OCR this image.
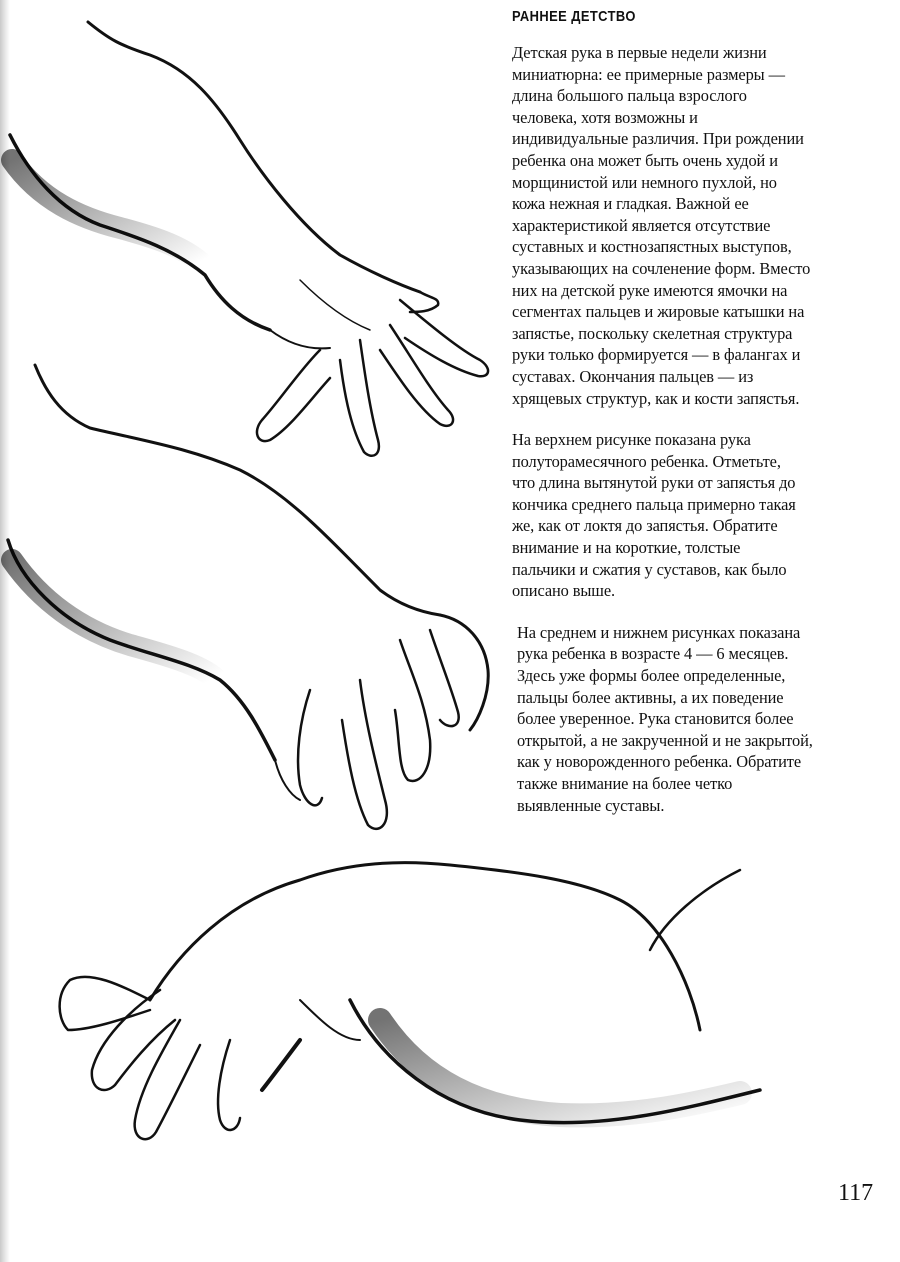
РАННЕЕ ДЕТСТВО

Детская рука в первые недели жизни
миниатюрна: ее примерные размеры —
длина большого пальца взрослого
человека, хотя возможны и
индивидуальные различия. При рождении
ребенка она может быть очень худой и
морщинистой или немного пухлой, но
кожа нежная и гладкая. Важной ее
характеристикой является отсутствие
суставных и костнозапястных выступов,
указывающих на сочленение форм. Вместо
них на детской руке имеются ямочки на
сегментах пальцев и жировые катышки на
запястье, поскольку скелетная структура
руки только формируется — в фалангах и
суставах. Окончания пальцев — из
хрящевых структур, как и кости запястья.

На верхнем рисунке показана рука
полуторамесячного ребенка. Отметьте,
что длина вытянутой руки от запястья до
кончика среднего пальца примерно такая
же, как от локтя до запястья. Обратите
внимание и на короткие, толстые
пальчики и сжатия у суставов, как было
описано выше.

На среднем и нижнем рисунках показана
рука ребенка в возрасте 4 — 6 месяцев.
Здесь уже формы более определенные,
пальцы более активны, а их поведение
более уверенное. Рука становится более
открытой, а не закрученной и не закрытой,
как у новорожденного ребенка. Обратите
также внимание на более четко
выявленные суставы.

117
